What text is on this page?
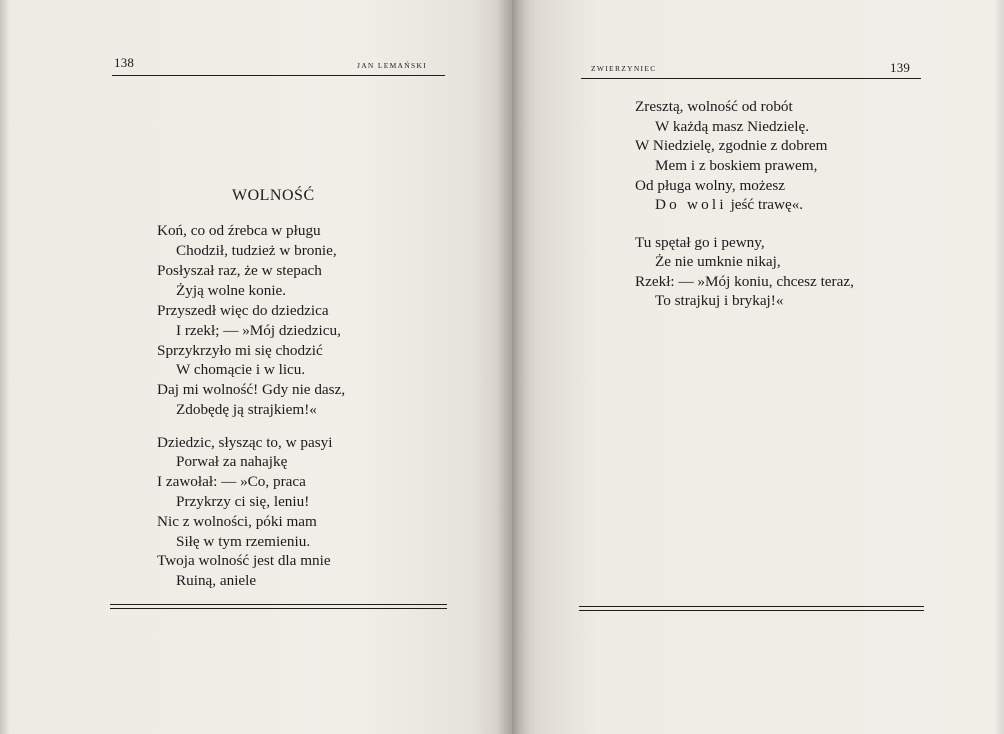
138	JAN LEMAŃSKI
WOLNOŚĆ
Koń, co od źrebca w pługu
Chodził, tudzież w bronie,
Posłyszał raz, że w stepach
Żyją wolne konie.
Przyszedł więc do dziedzica
I rzekł; — »Mój dziedzicu,
Sprzykrzyło mi się chodzić
W chomącie i w licu.
Daj mi wolność! Gdy nie dasz,
Zdobędę ją strajkiem!«
Dziedzic, słysząc to, w pasyi
Porwał za nahajkę
I zawołał: — »Co, praca
Przykrzy ci się, leniu!
Nic z wolności, póki mam
Siłę w tym rzemieniu.
Twoja wolność jest dla mnie
Ruiną, aniele
ZWIERZYNIEC	139
Zresztą, wolność od robót
W każdą masz Niedzielę.
W Niedzielę, zgodnie z dobrem
Mem i z boskiem prawem,
Od pługa wolny, możesz
Do woli jeść trawę«.
Tu spętał go i pewny,
Że nie umknie nikaj,
Rzekł: — »Mój koniu, chcesz teraz,
To strajkuj i brykaj!«
